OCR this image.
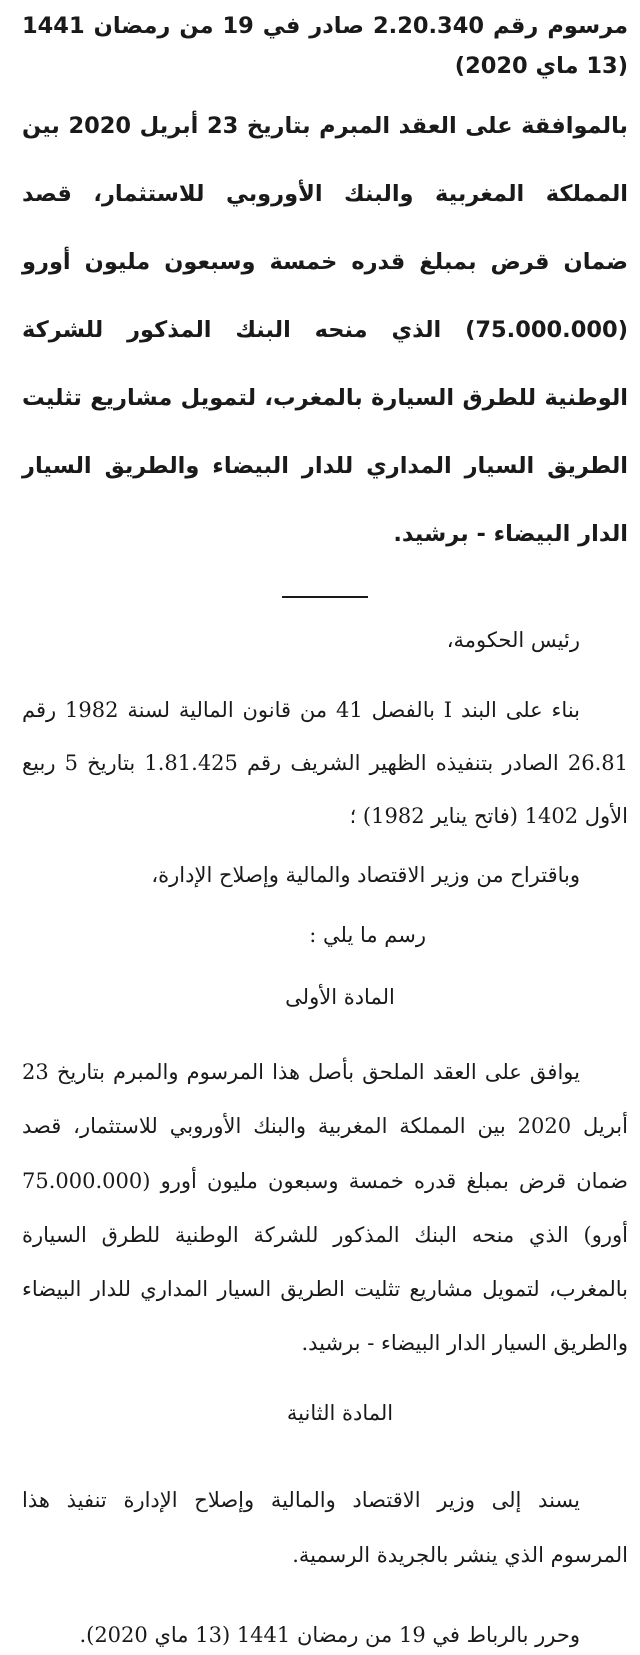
مرسوم رقم 2.20.340 صادر في 19 من رمضان 1441 (13 ماي 2020)
بالموافقة على العقد المبرم بتاريخ 23 أبريل 2020 بين المملكة المغربية والبنك الأوروبي للاستثمار، قصد ضمان قرض بمبلغ قدره خمسة وسبعون مليون أورو (75.000.000) الذي منحه البنك المذكور للشركة الوطنية للطرق السيارة بالمغرب، لتمويل مشاريع تثليت الطريق السيار المداري للدار البيضاء والطريق السيار الدار البيضاء - برشيد.

رئيس الحكومة،

بناء على البند I بالفصل 41 من قانون المالية لسنة 1982 رقم 26.81 الصادر بتنفيذه الظهير الشريف رقم 1.81.425 بتاريخ 5 ربيع الأول 1402 (فاتح يناير 1982) ؛

وباقتراح من وزير الاقتصاد والمالية وإصلاح الإدارة،

رسم ما يلي :

المادة الأولى

يوافق على العقد الملحق بأصل هذا المرسوم والمبرم بتاريخ 23 أبريل 2020 بين المملكة المغربية والبنك الأوروبي للاستثمار، قصد ضمان قرض بمبلغ قدره خمسة وسبعون مليون أورو (75.000.000 أورو) الذي منحه البنك المذكور للشركة الوطنية للطرق السيارة بالمغرب، لتمويل مشاريع تثليت الطريق السيار المداري للدار البيضاء والطريق السيار الدار البيضاء - برشيد.

المادة الثانية

يسند إلى وزير الاقتصاد والمالية وإصلاح الإدارة تنفيذ هذا المرسوم الذي ينشر بالجريدة الرسمية.

وحرر بالرباط في 19 من رمضان 1441 (13 ماي 2020).
